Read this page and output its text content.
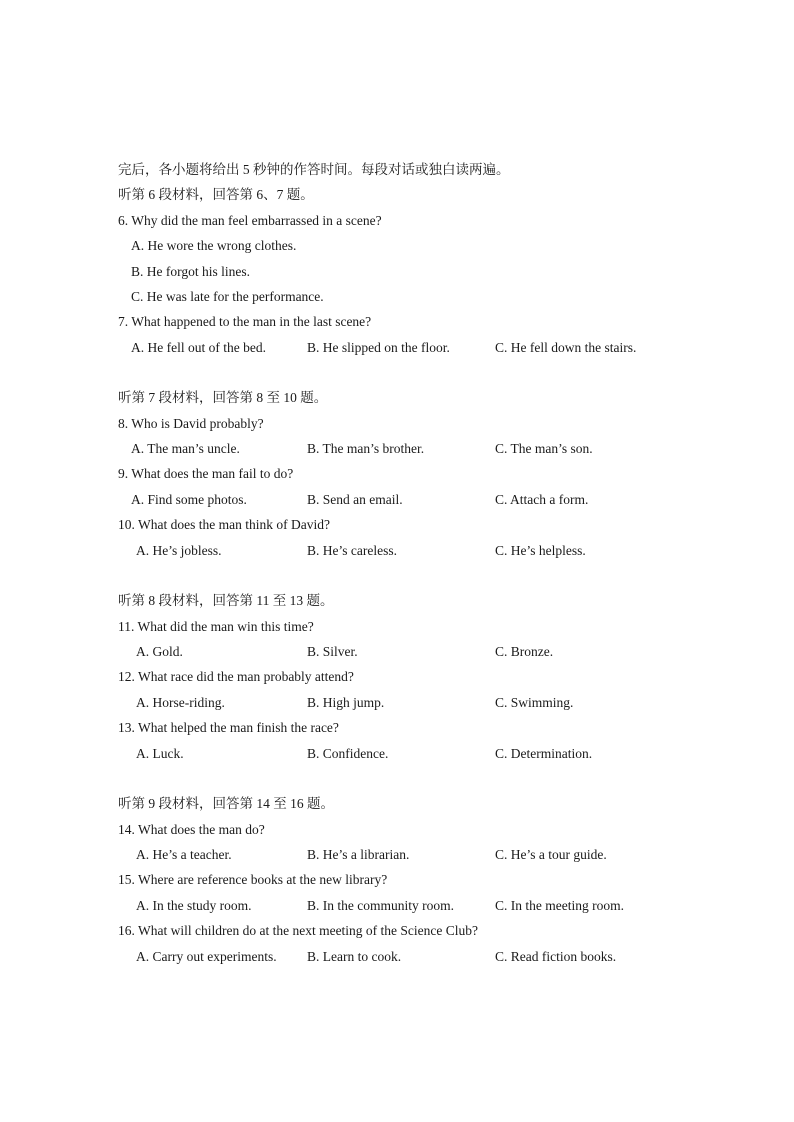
完后，各小题将给出 5 秒钟的作答时间。每段对话或独白读两遍。
听第 6 段材料，回答第 6、7 题。
6. Why did the man feel embarrassed in a scene?
A. He wore the wrong clothes.
B. He forgot his lines.
C. He was late for the performance.
7. What happened to the man in the last scene?
A. He fell out of the bed.	B. He slipped on the floor.	C. He fell down the stairs.
听第 7 段材料，回答第 8 至 10 题。
8. Who is David probably?
A. The man’s uncle.	B. The man’s brother.	C. The man’s son.
9. What does the man fail to do?
A. Find some photos.	B. Send an email.	C. Attach a form.
10. What does the man think of David?
A. He’s jobless.	B. He’s careless.	C. He’s helpless.
听第 8 段材料，回答第 11 至 13 题。
11. What did the man win this time?
A. Gold.	B. Silver.	C. Bronze.
12. What race did the man probably attend?
A. Horse-riding.	B. High jump.	C. Swimming.
13. What helped the man finish the race?
A. Luck.	B. Confidence.	C. Determination.
听第 9 段材料，回答第 14 至 16 题。
14. What does the man do?
A. He’s a teacher.	B. He’s a librarian.	C. He’s a tour guide.
15. Where are reference books at the new library?
A. In the study room.	B. In the community room.	C. In the meeting room.
16. What will children do at the next meeting of the Science Club?
A. Carry out experiments. B. Learn to cook.	C. Read fiction books.
